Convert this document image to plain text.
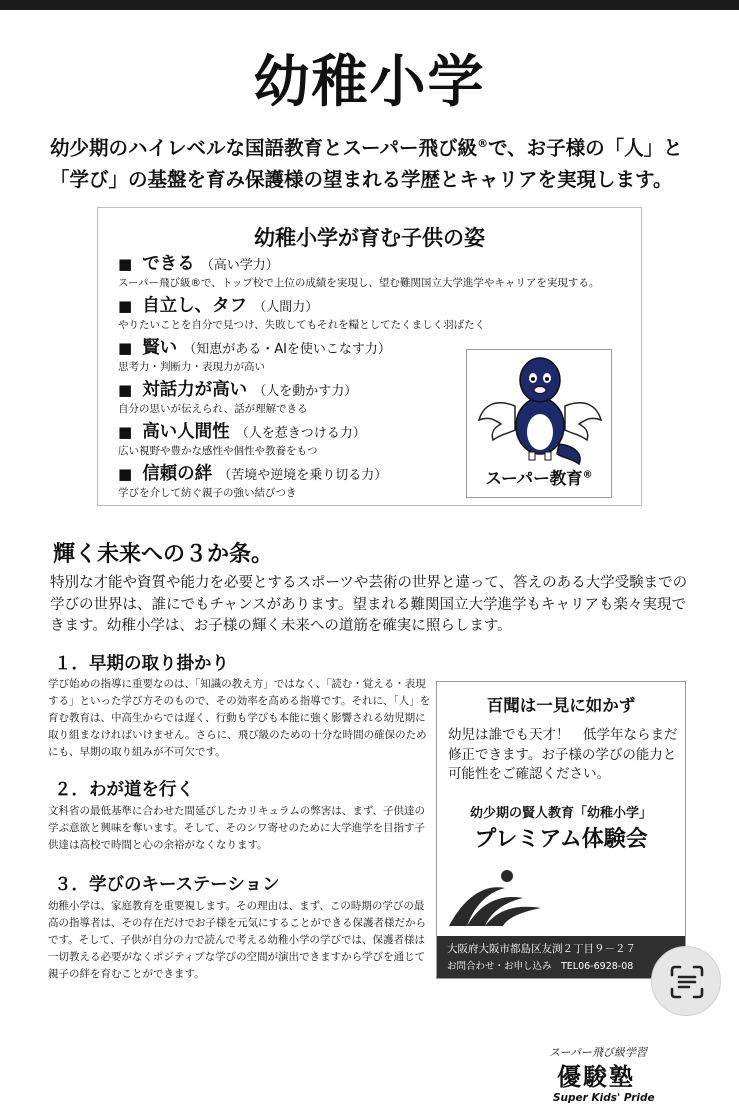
幼稚小学
幼少期のハイレベルな国語教育とスーパー飛び級®で、お子様の「人」と
「学び」の基盤を育み保護様の望まれる学歴とキャリアを実現します。
幼稚小学が育む子供の姿
■ できる （高い学力）
スーパー飛び級®で、トップ校で上位の成績を実現し、望む難関国立大学進学やキャリアを実現する。
■ 自立し、タフ （人間力）
やりたいことを自分で見つけ、失敗してもそれを糧としてたくましく羽ばたく
■ 賢い （知恵がある・AIを使いこなす力）
思考力・判断力・表現力が高い
■ 対話力が高い （人を動かす力）
自分の思いが伝えられ、話が理解できる
■ 高い人間性 （人を惹きつける力）
広い視野や豊かな感性や個性や教養をもつ
■ 信頼の絆 （苦境や逆境を乗り切る力）
学びを介して紡ぐ親子の強い結びつき
スーパー教育®
輝く未来への３か条。

特別な才能や資質や能力を必要とするスポーツや芸術の世界と違って、答えのある大学受験までの学びの世界は、誰にでもチャンスがあります。望まれる難関国立大学進学もキャリアも楽々実現できます。幼稚小学は、お子様の輝く未来への道筋を確実に照らします。

１．早期の取り掛かり

学び始めの指導に重要なのは、「知識の教え方」ではなく、「読む・覚える・表現する」といった学び方そのもので、その効率を高める指導です。それに、「人」を育む教育は、中高生からでは遅く、行動も学びも本能に強く影響される幼児期に取り組まなければいけません。さらに、飛び級のための十分な時間の確保のためにも、早期の取り組みが不可欠です。

２．わが道を行く

文科省の最低基準に合わせた間延びしたカリキュラムの弊害は、まず、子供達の学ぶ意欲と興味を奪います。そして、そのシワ寄せのために大学進学を目指す子供達は高校で時間と心の余裕がなくなります。

３．学びのキーステーション

幼稚小学は、家庭教育を重要視します。その理由は、まず、この時期の学びの最高の指導者は、その存在だけでお子様を元気にすることができる保護者様だからです。そして、子供が自分の力で読んで考える幼稚小学の学びでは、保護者様は一切教える必要がなくポジティブな学びの空間が演出できますから学びを通じて親子の絆を育むことができます。

百聞は一見に如かず
幼児は誰でも天才！　低学年ならまだ修正できます。お子様の学びの能力と可能性をご確認ください。
幼少期の賢人教育「幼稚小学」
プレミアム体験会
スーパー飛び級学習
優駿塾
Super Kids' Pride
大阪府大阪市都島区友渕２丁目９－２７
お問合わせ・お申し込み　TEL06-6928-08
